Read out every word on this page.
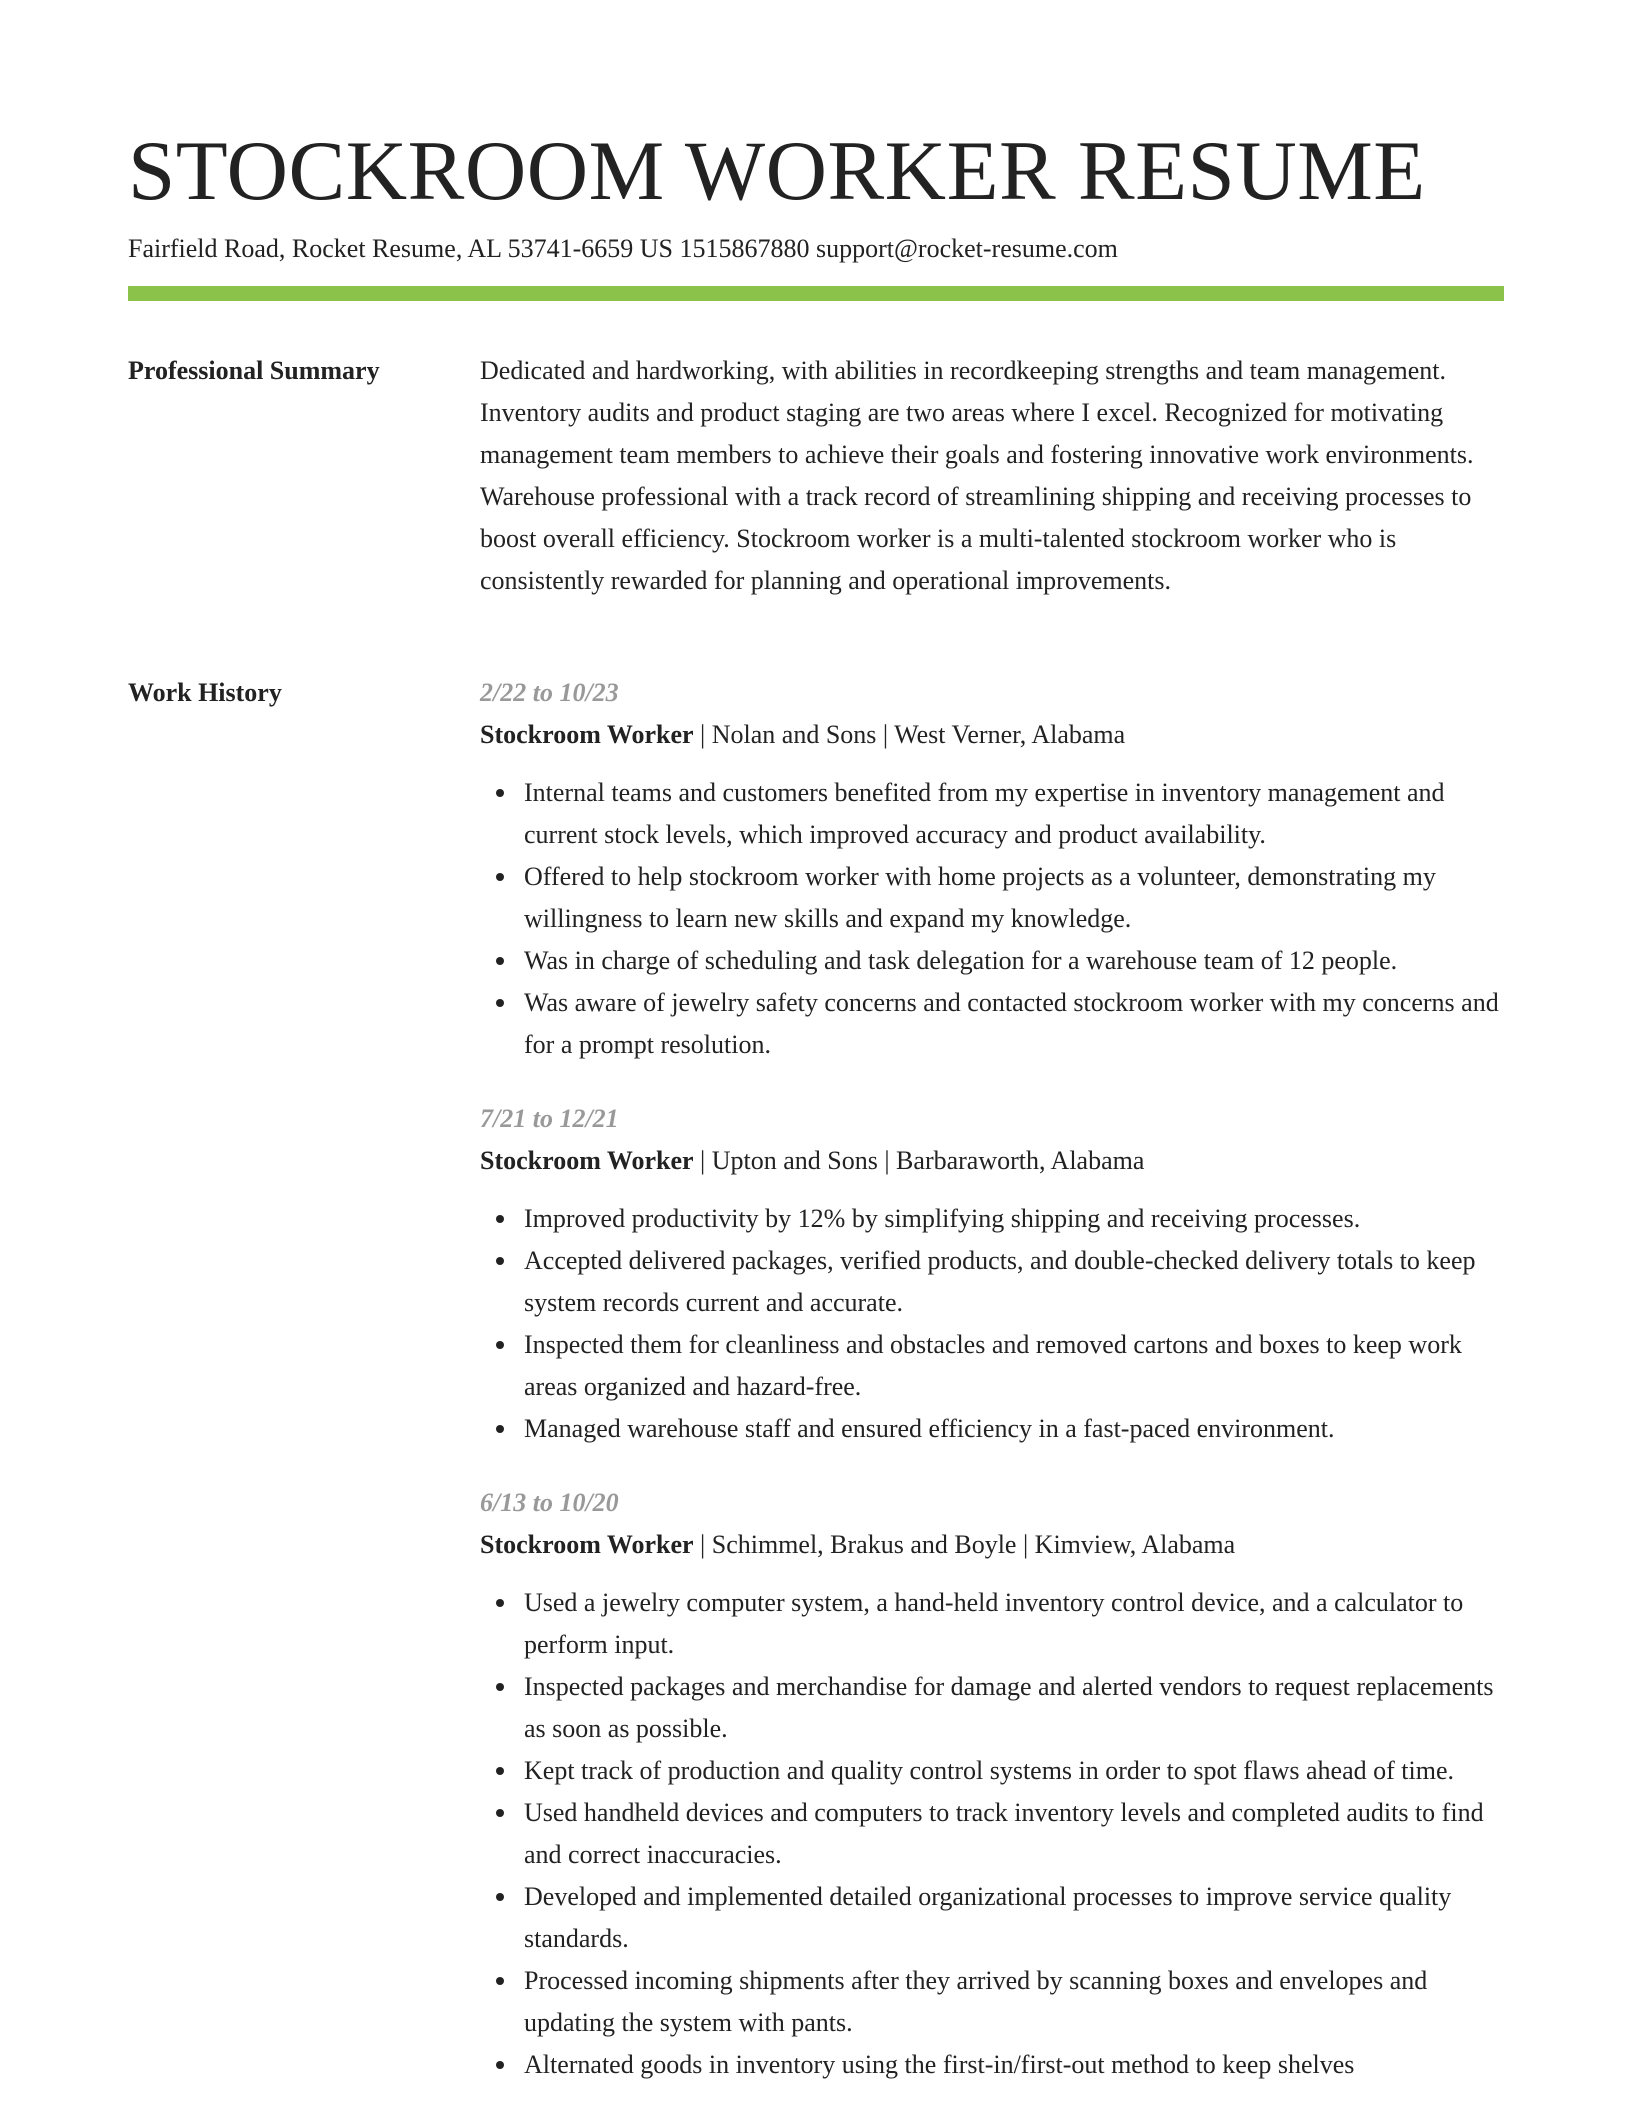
STOCKROOM WORKER RESUME
Fairfield Road, Rocket Resume, AL 53741-6659 US 1515867880 support@rocket-resume.com
Professional Summary	Dedicated and hardworking, with abilities in recordkeeping strengths and team management. Inventory audits and product staging are two areas where I excel. Recognized for motivating management team members to achieve their goals and fostering innovative work environments. Warehouse professional with a track record of streamlining shipping and receiving processes to boost overall efficiency. Stockroom worker is a multi-talented stockroom worker who is consistently rewarded for planning and operational improvements.

Work History	2/22 to 10/23
Stockroom Worker | Nolan and Sons | West Verner, Alabama
Internal teams and customers benefited from my expertise in inventory management and current stock levels, which improved accuracy and product availability.
Offered to help stockroom worker with home projects as a volunteer, demonstrating my willingness to learn new skills and expand my knowledge.
Was in charge of scheduling and task delegation for a warehouse team of 12 people.
Was aware of jewelry safety concerns and contacted stockroom worker with my concerns and for a prompt resolution.
7/21 to 12/21
Stockroom Worker | Upton and Sons | Barbaraworth, Alabama
Improved productivity by 12% by simplifying shipping and receiving processes.
Accepted delivered packages, verified products, and double-checked delivery totals to keep system records current and accurate.
Inspected them for cleanliness and obstacles and removed cartons and boxes to keep work areas organized and hazard-free.
Managed warehouse staff and ensured efficiency in a fast-paced environment.
6/13 to 10/20
Stockroom Worker | Schimmel, Brakus and Boyle | Kimview, Alabama
Used a jewelry computer system, a hand-held inventory control device, and a calculator to perform input.
Inspected packages and merchandise for damage and alerted vendors to request replacements as soon as possible.
Kept track of production and quality control systems in order to spot flaws ahead of time.
Used handheld devices and computers to track inventory levels and completed audits to find and correct inaccuracies.
Developed and implemented detailed organizational processes to improve service quality standards.
Processed incoming shipments after they arrived by scanning boxes and envelopes and updating the system with pants.
Alternated goods in inventory using the first-in/first-out method to keep shelves
